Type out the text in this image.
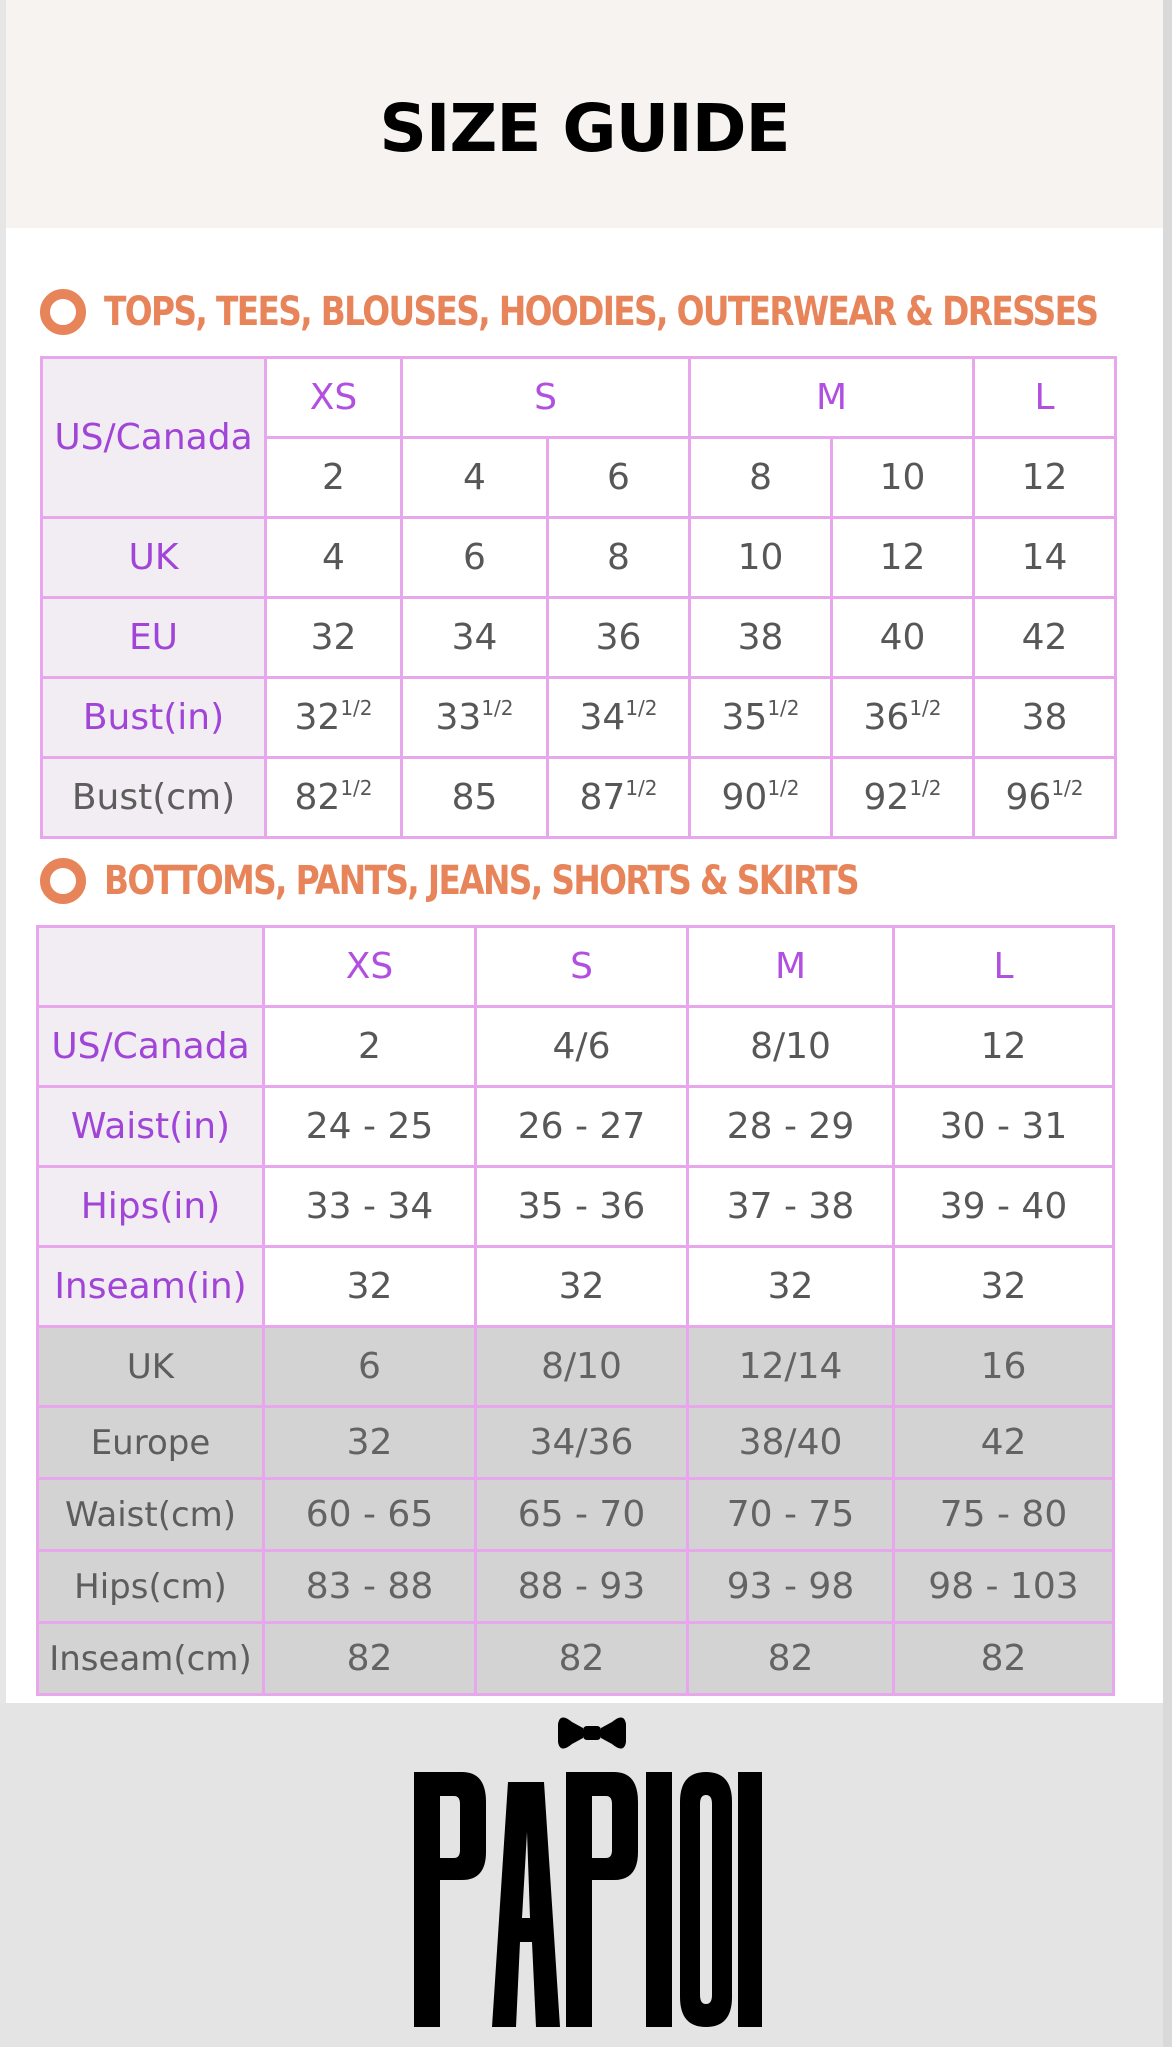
SIZE GUIDE
TOPS, TEES, BLOUSES, HOODIES, OUTERWEAR & DRESSES
US/Canada	XS	S		M		L
	2	4	6	8	10	12
UK	4	6	8	10	12	14
EU	32	34	36	38	40	42
Bust(in)	$32^{1/2}$	$33^{1/2}$	$34^{1/2}$	$35^{1/2}$	$36^{1/2}$	38
Bust(cm)	$82^{1/2}$	85	$87^{1/2}$	$90^{1/2}$	$92^{1/2}$	$96^{1/2}$
BOTTOMS, PANTS, JEANS, SHORTS & SKIRTS
	XS	S	M	L
US/Canada	2	4/6	8/10	12
Waist(in)	24 - 25	26 - 27	28 - 29	30 - 31
Hips(in)	33 - 34	35 - 36	37 - 38	39 - 40
Inseam(in)	32	32	32	32
UK	6	8/10	12/14	16
Europe	32	34/36	38/40	42
Waist(cm)	60 - 65	65 - 70	70 - 75	75 - 80
Hips(cm)	83 - 88	88 - 93	93 - 98	98 - 103
Inseam(cm)	82	82	82	82
